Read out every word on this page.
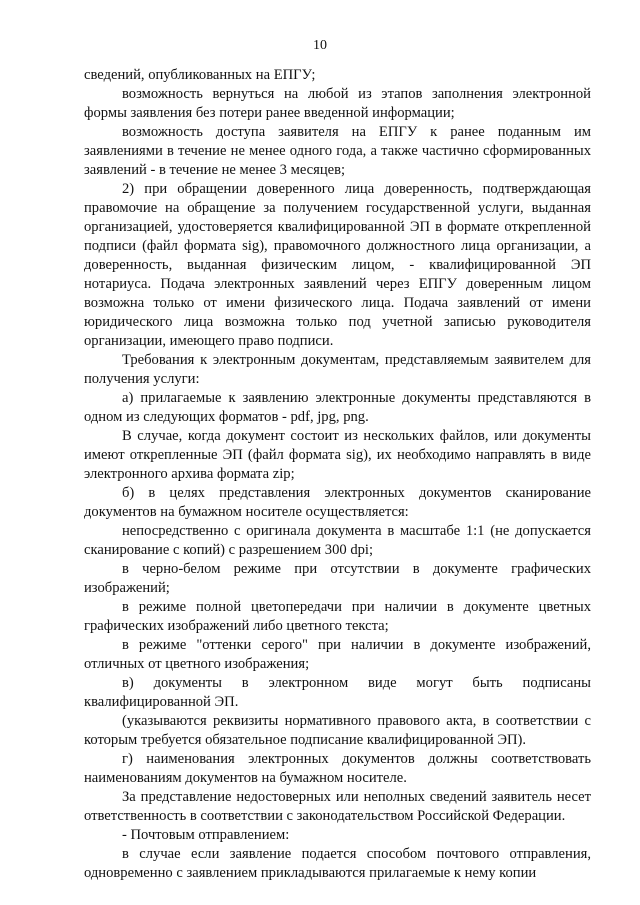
10

сведений, опубликованных на ЕПГУ;

возможность вернуться на любой из этапов заполнения электронной формы заявления без потери ранее введенной информации;

возможность доступа заявителя на ЕПГУ к ранее поданным им заявлениями в течение не менее одного года, а также частично сформированных заявлений - в течение не менее 3 месяцев;

2) при обращении доверенного лица доверенность, подтверждающая правомочие на обращение за получением государственной услуги, выданная организацией, удостоверяется квалифицированной ЭП в формате открепленной подписи (файл формата sig), правомочного должностного лица организации, а доверенность, выданная физическим лицом, - квалифицированной ЭП нотариуса. Подача электронных заявлений через ЕПГУ доверенным лицом возможна только от имени физического лица. Подача заявлений от имени юридического лица возможна только под учетной записью руководителя организации, имеющего право подписи.

Требования к электронным документам, представляемым заявителем для получения услуги:

а) прилагаемые к заявлению электронные документы представляются в одном из следующих форматов - pdf, jpg, png.

В случае, когда документ состоит из нескольких файлов, или документы имеют открепленные ЭП (файл формата sig), их необходимо направлять в виде электронного архива формата zip;

б) в целях представления электронных документов сканирование документов на бумажном носителе осуществляется:

непосредственно с оригинала документа в масштабе 1:1 (не допускается сканирование с копий) с разрешением 300 dpi;

в черно-белом режиме при отсутствии в документе графических изображений;

в режиме полной цветопередачи при наличии в документе цветных графических изображений либо цветного текста;

в режиме "оттенки серого" при наличии в документе изображений, отличных от цветного изображения;

в) документы в электронном виде могут быть подписаны квалифицированной ЭП.

(указываются реквизиты нормативного правового акта, в соответствии с которым требуется обязательное подписание квалифицированной ЭП).

г) наименования электронных документов должны соответствовать наименованиям документов на бумажном носителе.

За представление недостоверных или неполных сведений заявитель несет ответственность в соответствии с законодательством Российской Федерации.

- Почтовым отправлением:

в случае если заявление подается способом почтового отправления, одновременно с заявлением прикладываются прилагаемые к нему копии
